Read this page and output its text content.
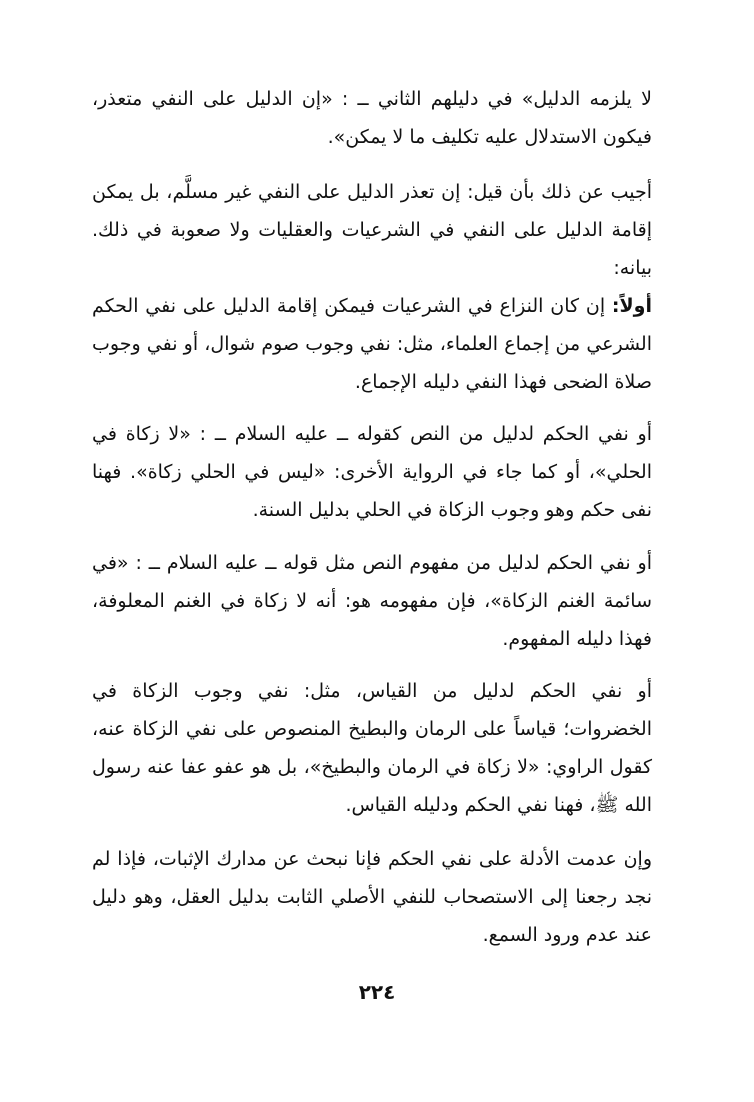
لا يلزمه الدليل» في دليلهم الثاني ــ : «إن الدليل على النفي متعذر، فيكون الاستدلال عليه تكليف ما لا يمكن».

أجيب عن ذلك بأن قيل: إن تعذر الدليل على النفي غير مسلَّم، بل يمكن إقامة الدليل على النفي في الشرعيات والعقليات ولا صعوبة في ذلك. بيانه:

أولاً: إن كان النزاع في الشرعيات فيمكن إقامة الدليل على نفي الحكم الشرعي من إجماع العلماء، مثل: نفي وجوب صوم شوال، أو نفي وجوب صلاة الضحى فهذا النفي دليله الإجماع.

أو نفي الحكم لدليل من النص كقوله ــ عليه السلام ــ : «لا زكاة في الحلي»، أو كما جاء في الرواية الأخرى: «ليس في الحلي زكاة». فهنا نفى حكم وهو وجوب الزكاة في الحلي بدليل السنة.

أو نفي الحكم لدليل من مفهوم النص مثل قوله ــ عليه السلام ــ : «في سائمة الغنم الزكاة»، فإن مفهومه هو: أنه لا زكاة في الغنم المعلوفة، فهذا دليله المفهوم.

أو نفي الحكم لدليل من القياس، مثل: نفي وجوب الزكاة في الخضروات؛ قياساً على الرمان والبطيخ المنصوص على نفي الزكاة عنه، كقول الراوي: «لا زكاة في الرمان والبطيخ»، بل هو عفو عفا عنه رسول الله ﷺ، فهنا نفي الحكم ودليله القياس.

وإن عدمت الأدلة على نفي الحكم فإنا نبحث عن مدارك الإثبات، فإذا لم نجد رجعنا إلى الاستصحاب للنفي الأصلي الثابت بدليل العقل، وهو دليل عند عدم ورود السمع.

٢٢٤
